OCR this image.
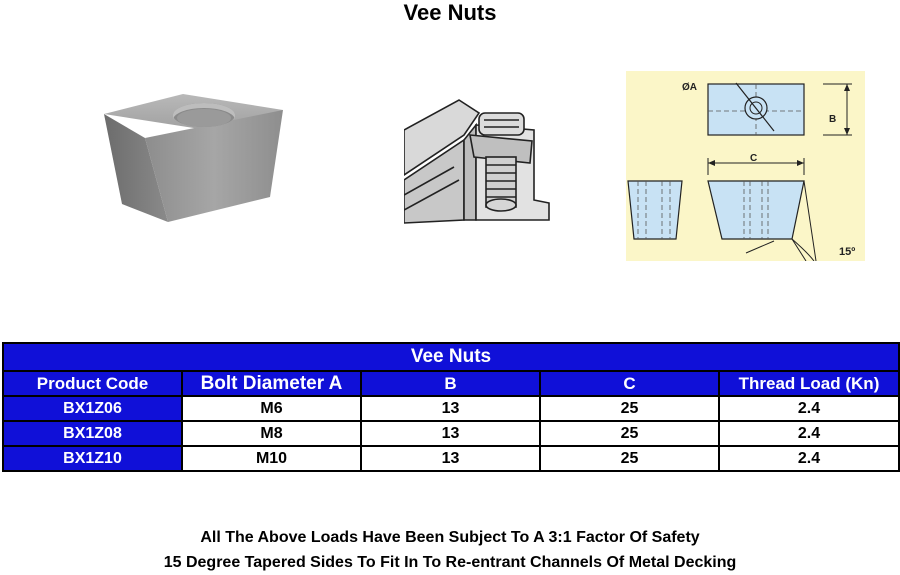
Vee Nuts
ØA
B
C
15º
Vee Nuts				
Product Code	Bolt Diameter A	B	C	Thread Load (Kn)
BX1Z06	M6	13	25	2.4
BX1Z08	M8	13	25	2.4
BX1Z10	M10	13	25	2.4
All The Above Loads Have Been Subject To A 3:1 Factor Of Safety
15 Degree Tapered Sides To Fit In To Re-entrant Channels Of Metal Decking
